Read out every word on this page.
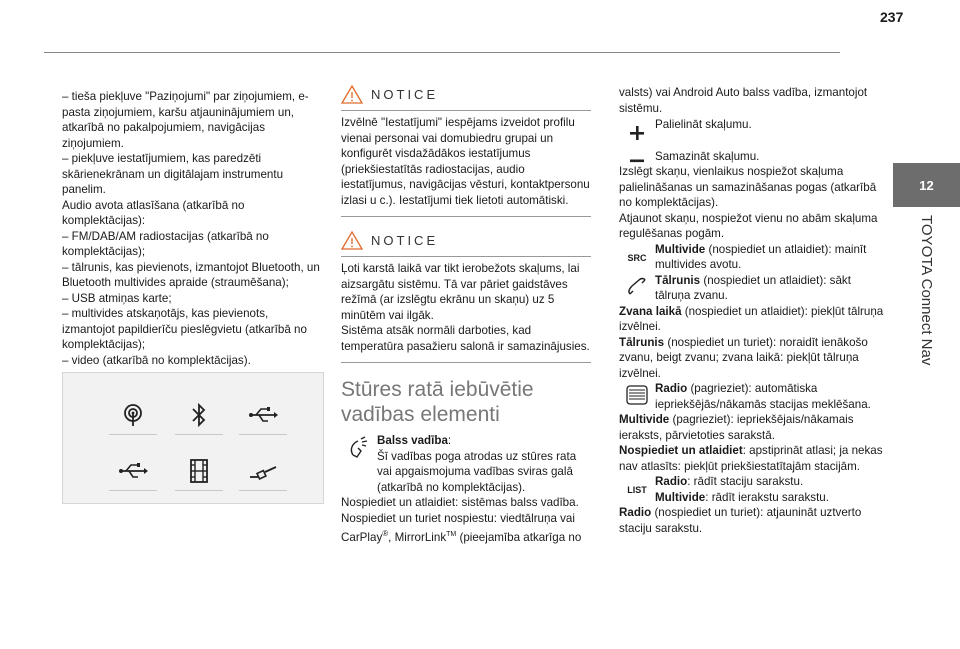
237
12
TOYOTA Connect Nav

– tieša piekļuve "Paziņojumi" par ziņojumiem, e-pasta ziņojumiem, karšu atjauninājumiem un, atkarībā no pakalpojumiem, navigācijas ziņojumiem.

– piekļuve iestatījumiem, kas paredzēti skārienekrānam un digitālajam instrumentu panelim.

Audio avota atlasīšana (atkarībā no komplektācijas):

– FM/DAB/AM radiostacijas (atkarībā no komplektācijas);

– tālrunis, kas pievienots, izmantojot Bluetooth, un Bluetooth multivides apraide (straumēšana);

– USB atmiņas karte;

– multivides atskaņotājs, kas pievienots, izmantojot papildierīču pieslēgvietu (atkarībā no komplektācijas);

– video (atkarībā no komplektācijas).

NOTICE

Izvēlnē "Iestatījumi" iespējams izveidot profilu vienai personai vai domubiedru grupai un konfigurēt visdažādākos iestatījumus (priekšiestatītās radiostacijas, audio iestatījumus, navigācijas vēsturi, kontaktpersonu izlasi u c.). Iestatījumi tiek lietoti automātiski.

NOTICE

Ļoti karstā laikā var tikt ierobežots skaļums, lai aizsargātu sistēmu. Tā var pāriet gaidstāves režīmā (ar izslēgtu ekrānu un skaņu) uz 5 minūtēm vai ilgāk.

Sistēma atsāk normāli darboties, kad temperatūra pasažieru salonā ir samazinājusies.

Stūres ratā iebūvētie vadības elementi

Balss vadība:

Šī vadības poga atrodas uz stūres rata vai apgaismojuma vadības sviras galā (atkarībā no komplektācijas).

Nospiediet un atlaidiet: sistēmas balss vadība.

Nospiediet un turiet nospiestu: viedtālruņa vai CarPlay®, MirrorLink™ (pieejamība atkarīga no

valsts) vai Android Auto balss vadība, izmantojot sistēmu.

Palielināt skaļumu.

Samazināt skaļumu.

Izslēgt skaņu, vienlaikus nospiežot skaļuma palielināšanas un samazināšanas pogas (atkarībā no komplektācijas).

Atjaunot skaņu, nospiežot vienu no abām skaļuma regulēšanas pogām.

SRC

Multivide (nospiediet un atlaidiet): mainīt multivides avotu.

Tālrunis (nospiediet un atlaidiet): sākt tālruņa zvanu.

Zvana laikā (nospiediet un atlaidiet): piekļūt tālruņa izvēlnei.

Tālrunis (nospiediet un turiet): noraidīt ienākošo zvanu, beigt zvanu; zvana laikā: piekļūt tālruņa izvēlnei.

Radio (pagrieziet): automātiska iepriekšējās/nākamās stacijas meklēšana.

Multivide (pagrieziet): iepriekšējais/nākamais ieraksts, pārvietoties sarakstā.

Nospiediet un atlaidiet: apstiprināt atlasi; ja nekas nav atlasīts: piekļūt priekšiestatītajām stacijām.

LIST

Radio: rādīt staciju sarakstu.

Multivide: rādīt ierakstu sarakstu.

Radio (nospiediet un turiet): atjaunināt uztverto staciju sarakstu.
